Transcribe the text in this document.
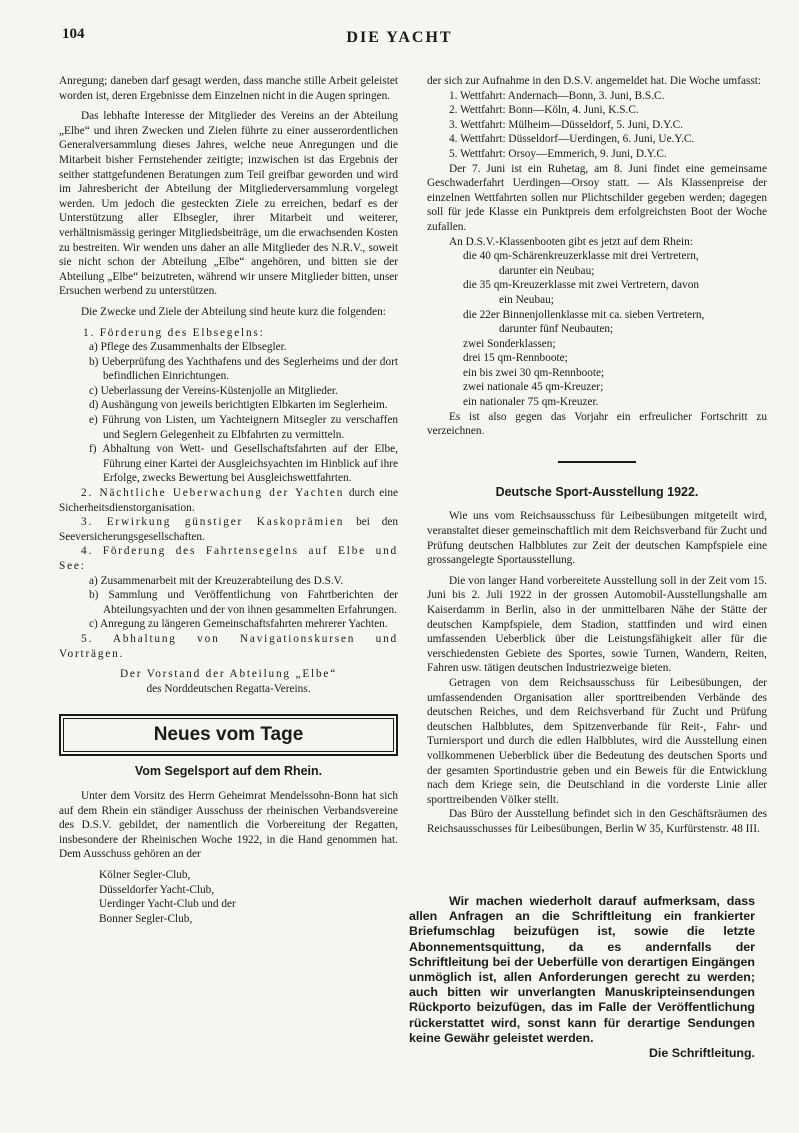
104	DIE YACHT

Anregung; daneben darf gesagt werden, dass manche stille Arbeit geleistet worden ist, deren Ergebnisse dem Einzelnen nicht in die Augen springen.

Das lebhafte Interesse der Mitglieder des Vereins an der Abteilung „Elbe“ und ihren Zwecken und Zielen führte zu einer ausserordentlichen Generalversammlung dieses Jahres, welche neue Anregungen und die Mitarbeit bisher Fernstehender zeitigte; inzwischen ist das Ergebnis der seither stattgefundenen Beratungen zum Teil greifbar geworden und wird im Jahresbericht der Abteilung der Mitgliederversammlung vorgelegt werden. Um jedoch die gesteckten Ziele zu erreichen, bedarf es der Unterstützung aller Elbsegler, ihrer Mitarbeit und weiterer, verhältnismässig geringer Mitgliedsbeiträge, um die erwachsenden Kosten zu bestreiten. Wir wenden uns daher an alle Mitglieder des N.R.V., soweit sie nicht schon der Abteilung „Elbe“ angehören, und bitten sie der Abteilung „Elbe“ beizutreten, während wir unsere Mitglieder bitten, unser Ersuchen werbend zu unterstützen.

Die Zwecke und Ziele der Abteilung sind heute kurz die folgenden:

1. Förderung des Elbsegelns:

a) Pflege des Zusammenhalts der Elbsegler.

b) Ueberprüfung des Yachthafens und des Seglerheims und der dort befindlichen Einrichtungen.

c) Ueberlassung der Vereins-Küstenjolle an Mitglieder.

d) Aushängung von jeweils berichtigten Elbkarten im Seglerheim.

e) Führung von Listen, um Yachteignern Mitsegler zu verschaffen und Seglern Gelegenheit zu Elbfahrten zu vermitteln.

f) Abhaltung von Wett- und Gesellschaftsfahrten auf der Elbe, Führung einer Kartei der Ausgleichsyachten im Hinblick auf ihre Erfolge, zwecks Bewertung bei Ausgleichswettfahrten.

2. Nächtliche Ueberwachung der Yachten durch eine Sicherheitsdienstorganisation.

3. Erwirkung günstiger Kaskoprämien bei den Seeversicherungsgesellschaften.

4. Förderung des Fahrtensegelns auf Elbe und See:

a) Zusammenarbeit mit der Kreuzerabteilung des D.S.V.

b) Sammlung und Veröffentlichung von Fahrtberichten der Abteilungsyachten und der von ihnen gesammelten Erfahrungen.

c) Anregung zu längeren Gemeinschaftsfahrten mehrerer Yachten.

5. Abhaltung von Navigationskursen und Vorträgen.

Der Vorstand der Abteilung „Elbe“

des Norddeutschen Regatta-Vereins.

Neues vom Tage

Vom Segelsport auf dem Rhein.

Unter dem Vorsitz des Herrn Geheimrat Mendelssohn-Bonn hat sich auf dem Rhein ein ständiger Ausschuss der rheinischen Verbandsvereine des D.S.V. gebildet, der namentlich die Vorbereitung der Regatten, insbesondere der Rheinischen Woche 1922, in die Hand genommen hat. Dem Ausschuss gehören an der

Kölner Segler-Club,

Düsseldorfer Yacht-Club,

Uerdinger Yacht-Club und der

Bonner Segler-Club,

der sich zur Aufnahme in den D.S.V. angemeldet hat. Die Woche umfasst:

1. Wettfahrt: Andernach—Bonn, 3. Juni, B.S.C.

2. Wettfahrt: Bonn—Köln, 4. Juni, K.S.C.

3. Wettfahrt: Mülheim—Düsseldorf, 5. Juni, D.Y.C.

4. Wettfahrt: Düsseldorf—Uerdingen, 6. Juni, Ue.Y.C.

5. Wettfahrt: Orsoy—Emmerich, 9. Juni, D.Y.C.

Der 7. Juni ist ein Ruhetag, am 8. Juni findet eine gemeinsame Geschwaderfahrt Uerdingen—Orsoy statt. — Als Klassenpreise der einzelnen Wettfahrten sollen nur Plichtschilder gegeben werden; dagegen soll für jede Klasse ein Punktpreis dem erfolgreichsten Boot der Woche zufallen.

An D.S.V.-Klassenbooten gibt es jetzt auf dem Rhein:

die 40 qm-Schärenkreuzerklasse mit drei Vertretern,

darunter ein Neubau;

die 35 qm-Kreuzerklasse mit zwei Vertretern, davon

ein Neubau;

die 22er Binnenjollenklasse mit ca. sieben Vertretern,

darunter fünf Neubauten;

zwei Sonderklassen;

drei 15 qm-Rennboote;

ein bis zwei 30 qm-Rennboote;

zwei nationale 45 qm-Kreuzer;

ein nationaler 75 qm-Kreuzer.

Es ist also gegen das Vorjahr ein erfreulicher Fortschritt zu verzeichnen.

Deutsche Sport-Ausstellung 1922.

Wie uns vom Reichsausschuss für Leibesübungen mitgeteilt wird, veranstaltet dieser gemeinschaftlich mit dem Reichsverband für Zucht und Prüfung deutschen Halbblutes zur Zeit der deutschen Kampfspiele eine grossangelegte Sportausstellung.

Die von langer Hand vorbereitete Ausstellung soll in der Zeit vom 15. Juni bis 2. Juli 1922 in der grossen Automobil-Ausstellungshalle am Kaiserdamm in Berlin, also in der unmittelbaren Nähe der Stätte der deutschen Kampfspiele, dem Stadion, stattfinden und wird einen umfassenden Ueberblick über die Leistungsfähigkeit aller für die verschiedensten Gebiete des Sportes, sowie Turnen, Wandern, Reiten, Fahren usw. tätigen deutschen Industriezweige bieten.

Getragen von dem Reichsausschuss für Leibesübungen, der umfassendenden Organisation aller sporttreibenden Verbände des deutschen Reiches, und dem Reichsverband für Zucht und Prüfung deutschen Halbblutes, dem Spitzenverbande für Reit-, Fahr- und Turniersport und durch die edlen Halbblutes, wird die Ausstellung einen vollkommenen Ueberblick über die Bedeutung des deutschen Sports und der gesamten Sportindustrie geben und ein Beweis für die Entwicklung nach dem Kriege sein, die Deutschland in die vorderste Linie aller sporttreibenden Völker stellt.

Das Büro der Ausstellung befindet sich in den Geschäftsräumen des Reichsausschusses für Leibesübungen, Berlin W 35, Kurfürstenstr. 48 III.

Wir machen wiederholt darauf aufmerksam, dass allen Anfragen an die Schriftleitung ein frankierter Briefumschlag beizufügen ist, sowie die letzte Abonnementsquittung, da es andernfalls der Schriftleitung bei der Ueberfülle von derartigen Eingängen unmöglich ist, allen Anforderungen gerecht zu werden; auch bitten wir unverlangten Manuskripteinsendungen Rückporto beizufügen, das im Falle der Veröffentlichung rückerstattet wird, sonst kann für derartige Sendungen keine Gewähr geleistet werden.

Die Schriftleitung.
